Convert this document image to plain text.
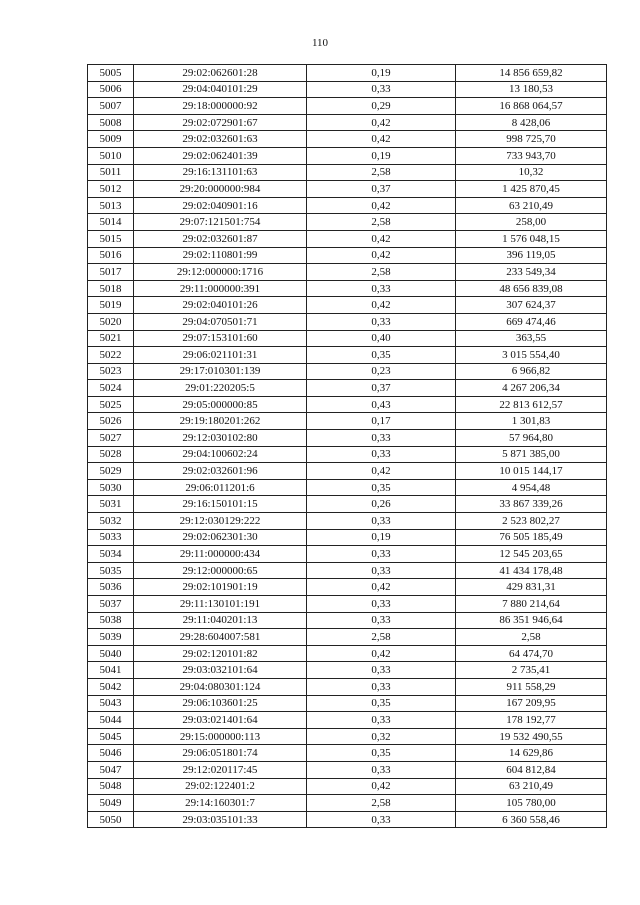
110
5005	29:02:062601:28	0,19	14 856 659,82
5006	29:04:040101:29	0,33	13 180,53
5007	29:18:000000:92	0,29	16 868 064,57
5008	29:02:072901:67	0,42	8 428,06
5009	29:02:032601:63	0,42	998 725,70
5010	29:02:062401:39	0,19	733 943,70
5011	29:16:131101:63	2,58	10,32
5012	29:20:000000:984	0,37	1 425 870,45
5013	29:02:040901:16	0,42	63 210,49
5014	29:07:121501:754	2,58	258,00
5015	29:02:032601:87	0,42	1 576 048,15
5016	29:02:110801:99	0,42	396 119,05
5017	29:12:000000:1716	2,58	233 549,34
5018	29:11:000000:391	0,33	48 656 839,08
5019	29:02:040101:26	0,42	307 624,37
5020	29:04:070501:71	0,33	669 474,46
5021	29:07:153101:60	0,40	363,55
5022	29:06:021101:31	0,35	3 015 554,40
5023	29:17:010301:139	0,23	6 966,82
5024	29:01:220205:5	0,37	4 267 206,34
5025	29:05:000000:85	0,43	22 813 612,57
5026	29:19:180201:262	0,17	1 301,83
5027	29:12:030102:80	0,33	57 964,80
5028	29:04:100602:24	0,33	5 871 385,00
5029	29:02:032601:96	0,42	10 015 144,17
5030	29:06:011201:6	0,35	4 954,48
5031	29:16:150101:15	0,26	33 867 339,26
5032	29:12:030129:222	0,33	2 523 802,27
5033	29:02:062301:30	0,19	76 505 185,49
5034	29:11:000000:434	0,33	12 545 203,65
5035	29:12:000000:65	0,33	41 434 178,48
5036	29:02:101901:19	0,42	429 831,31
5037	29:11:130101:191	0,33	7 880 214,64
5038	29:11:040201:13	0,33	86 351 946,64
5039	29:28:604007:581	2,58	2,58
5040	29:02:120101:82	0,42	64 474,70
5041	29:03:032101:64	0,33	2 735,41
5042	29:04:080301:124	0,33	911 558,29
5043	29:06:103601:25	0,35	167 209,95
5044	29:03:021401:64	0,33	178 192,77
5045	29:15:000000:113	0,32	19 532 490,55
5046	29:06:051801:74	0,35	14 629,86
5047	29:12:020117:45	0,33	604 812,84
5048	29:02:122401:2	0,42	63 210,49
5049	29:14:160301:7	2,58	105 780,00
5050	29:03:035101:33	0,33	6 360 558,46
